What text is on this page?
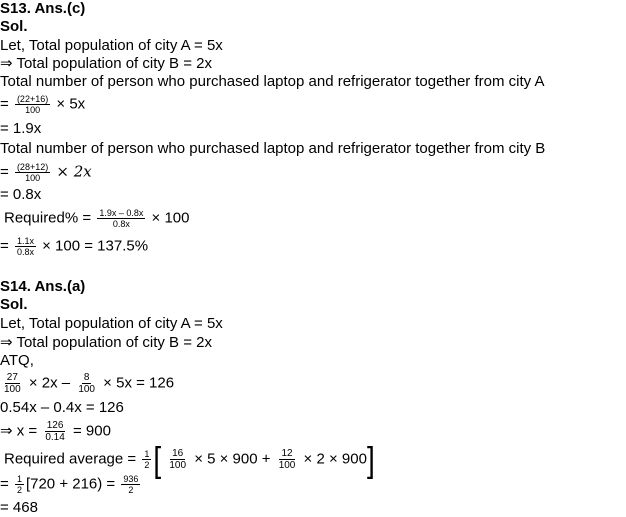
S13. Ans.(c)
Sol.
Let, Total population of city A = 5x
⇒ Total population of city B = 2x
Total number of person who purchased laptop and refrigerator together from city A
= $\frac{(22+16)}{100} \times 5x$
= 1.9x
Total number of person who purchased laptop and refrigerator together from city B
= $\frac{(28+12)}{100} \times 2x$
= 0.8x
Required% = $\frac{1.9x - 0.8x}{0.8x} \times 100$
= $\frac{1.1x}{0.8x} \times 100 = 137.5\%$
S14. Ans.(a)
Sol.
Let, Total population of city A = 5x
⇒ Total population of city B = 2x
ATQ,
$\frac{27}{100} \times 2x - \frac{8}{100} \times 5x = 126$
0.54x – 0.4x = 126
⇒ $x = \frac{126}{0.14} = 900$
Required average = $\frac{1}{2}$ [ $\frac{16}{100} \times 5 \times 900 + \frac{12}{100} \times 2 \times 900$]
= $\frac{1}{2} [720 + 216) = \frac{936}{2}$
= 468
